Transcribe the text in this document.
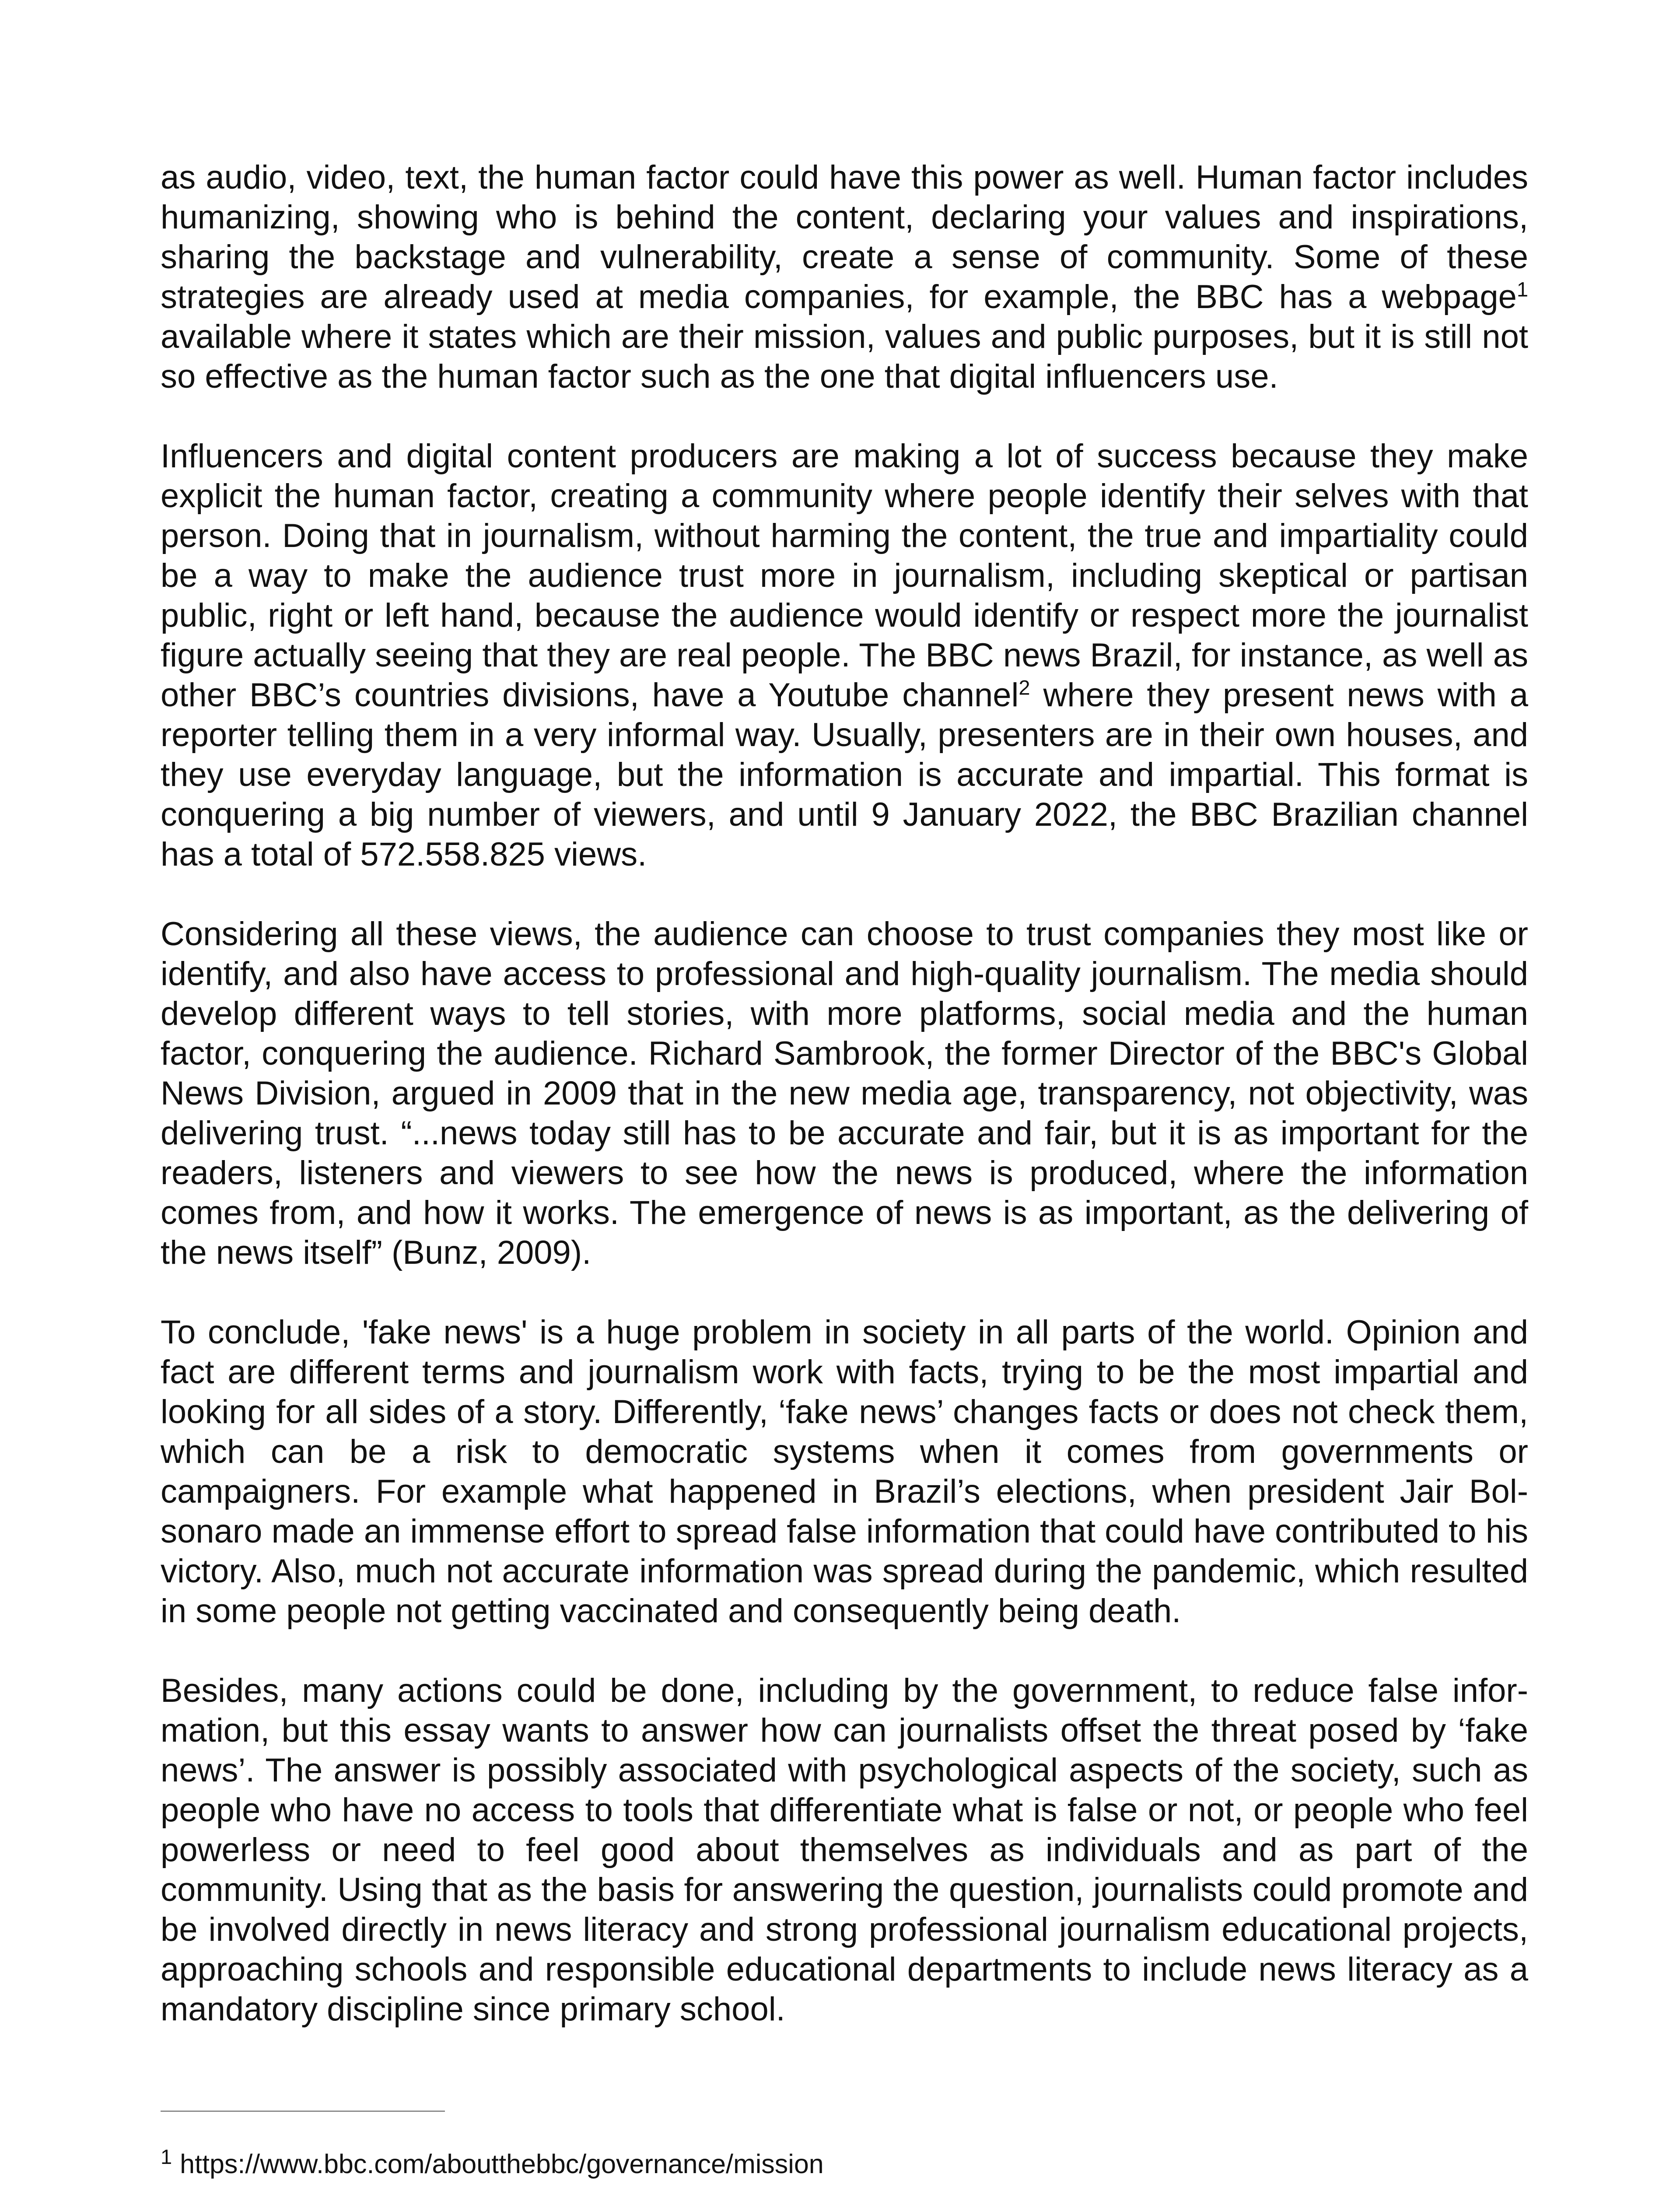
as audio, video, text, the human factor could have this power as well. Human factor includes humanizing, showing who is behind the content, declaring your values and inspirations, sharing the backstage and vulnerability, create a sense of community. Some of these strategies are already used at media companies, for example, the BBC has a webpage$^1$ available where it states which are their mission, values and public purposes, but it is still not so effective as the human factor such as the one that digital influencers use.

Influencers and digital content producers are making a lot of success because they make explicit the human factor, creating a community where people identify their selves with that person. Doing that in journalism, without harming the content, the true and impartiality could be a way to make the audience trust more in journalism, including skeptical or partisan public, right or left hand, because the audience would identify or respect more the journalist figure actually seeing that they are real people. The BBC news Brazil, for instance, as well as other BBC’s countries divisions, have a Youtube channel$^2$ where they present news with a reporter telling them in a very informal way. Usually, presenters are in their own houses, and they use everyday language, but the information is accurate and impartial. This format is conquering a big number of viewers, and until 9 January 2022, the BBC Brazilian channel has a total of 572.558.825 views.

Considering all these views, the audience can choose to trust companies they most like or identify, and also have access to professional and high-quality journalism. The media should develop different ways to tell stories, with more platforms, social media and the human factor, conquering the audience. Richard Sambrook, the former Director of the BBC's Global News Division, argued in 2009 that in the new media age, transparency, not objectivity, was delivering trust. “...news today still has to be accurate and fair, but it is as important for the readers, listeners and viewers to see how the news is produced, where the information comes from, and how it works. The emergence of news is as important, as the delivering of the news itself” (Bunz, 2009).

To conclude, 'fake news' is a huge problem in society in all parts of the world. Opinion and fact are different terms and journalism work with facts, trying to be the most impartial and looking for all sides of a story. Differently, ‘fake news’ changes facts or does not check them, which can be a risk to democratic systems when it comes from governments or campaigners. For example what happened in Brazil’s elections, when president Jair Bolsonaro made an immense effort to spread false information that could have contributed to his victory. Also, much not accurate information was spread during the pandemic, which resulted in some people not getting vaccinated and consequently being death.

Besides, many actions could be done, including by the government, to reduce false information, but this essay wants to answer how can journalists offset the threat posed by ‘fake news’. The answer is possibly associated with psychological aspects of the society, such as people who have no access to tools that differentiate what is false or not, or people who feel powerless or need to feel good about themselves as individuals and as part of the community. Using that as the basis for answering the question, journalists could promote and be involved directly in news literacy and strong professional journalism educational projects, approaching schools and responsible educational departments to include news literacy as a mandatory discipline since primary school.

$^1$ https://www.bbc.com/aboutthebbc/governance/mission
